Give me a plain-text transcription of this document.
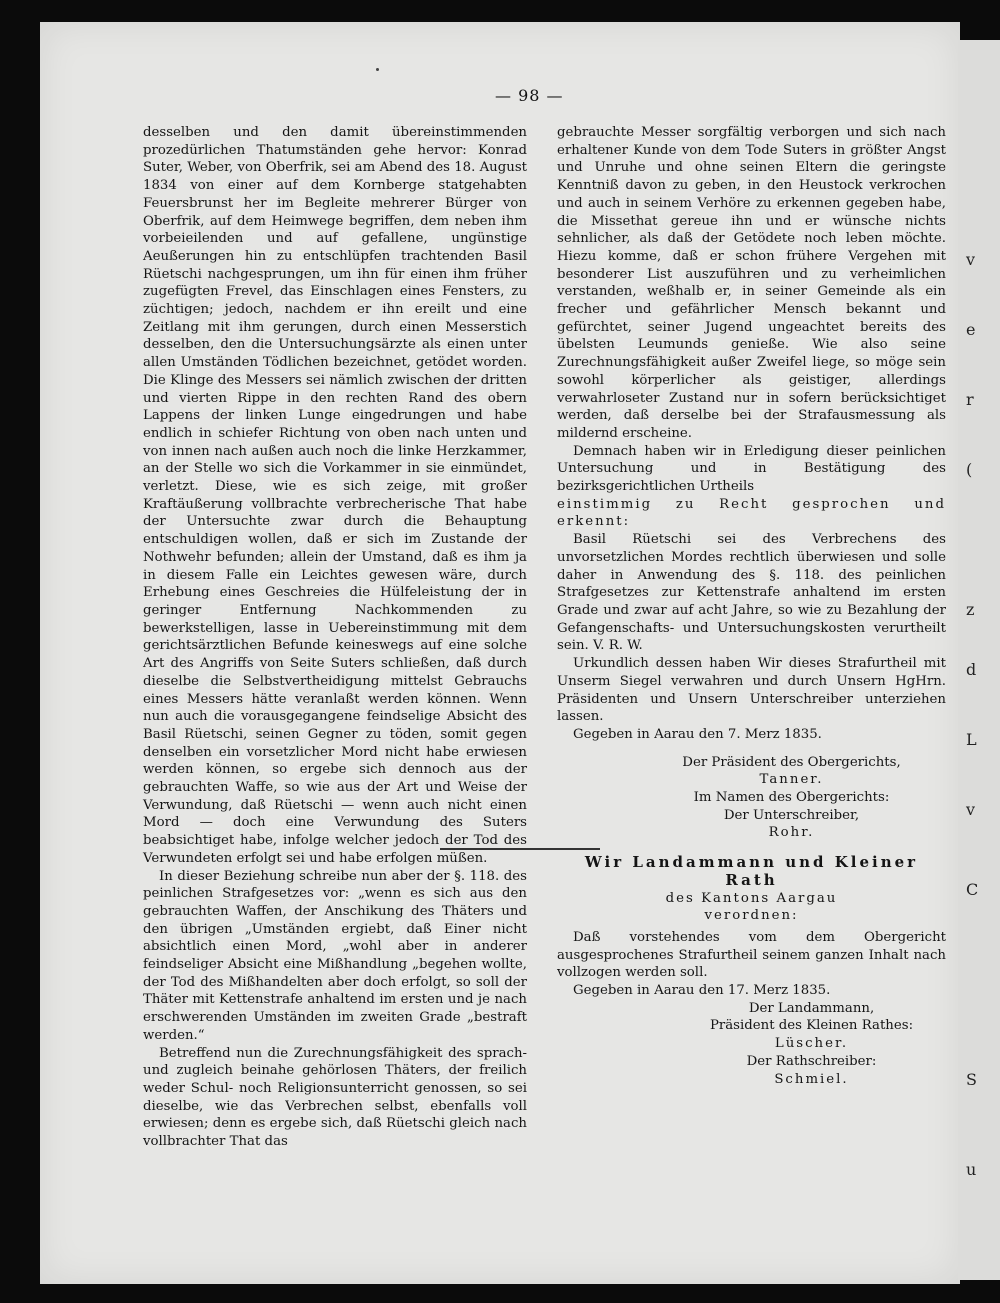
v
e
r
(
z
d
L
v
C
S
u
— 98 —

desselben und den damit übereinstimmenden prozedürlichen Thatumständen gehe hervor: Konrad Suter, Weber, von Oberfrik, sei am Abend des 18. August 1834 von einer auf dem Kornberge statgehabten Feuersbrunst her im Begleite mehrerer Bürger von Oberfrik, auf dem Heimwege begriffen, dem neben ihm vorbeieilenden und auf gefallene, ungünstige Aeußerungen hin zu entschlüpfen trachtenden Basil Rüetschi nachgesprungen, um ihn für einen ihm früher zugefügten Frevel, das Einschlagen eines Fensters, zu züchtigen; jedoch, nachdem er ihn ereilt und eine Zeitlang mit ihm gerungen, durch einen Messerstich desselben, den die Untersuchungsärzte als einen unter allen Umständen Tödlichen bezeichnet, getödet worden. Die Klinge des Messers sei nämlich zwischen der dritten und vierten Rippe in den rechten Rand des obern Lappens der linken Lunge eingedrungen und habe endlich in schiefer Richtung von oben nach unten und von innen nach außen auch noch die linke Herzkammer, an der Stelle wo sich die Vorkammer in sie einmündet, verletzt. Diese, wie es sich zeige, mit großer Kraftäußerung vollbrachte verbrecherische That habe der Untersuchte zwar durch die Behauptung entschuldigen wollen, daß er sich im Zustande der Nothwehr befunden; allein der Umstand, daß es ihm ja in diesem Falle ein Leichtes gewesen wäre, durch Erhebung eines Geschreies die Hülfeleistung der in geringer Entfernung Nachkommenden zu bewerkstelligen, lasse in Uebereinstimmung mit dem gerichtsärztlichen Befunde keineswegs auf eine solche Art des Angriffs von Seite Suters schließen, daß durch dieselbe die Selbstvertheidigung mittelst Gebrauchs eines Messers hätte veranlaßt werden können. Wenn nun auch die vorausgegangene feindselige Absicht des Basil Rüetschi, seinen Gegner zu töden, somit gegen denselben ein vorsetzlicher Mord nicht habe erwiesen werden können, so ergebe sich dennoch aus der gebrauchten Waffe, so wie aus der Art und Weise der Verwundung, daß Rüetschi — wenn auch nicht einen Mord — doch eine Verwundung des Suters beabsichtiget habe, infolge welcher jedoch der Tod des Verwundeten erfolgt sei und habe erfolgen müßen.

In dieser Beziehung schreibe nun aber der §. 118. des peinlichen Strafgesetzes vor: „wenn es sich aus den gebrauchten Waffen, der Anschikung des Thäters und den übrigen „Umständen ergiebt, daß Einer nicht absichtlich einen Mord, „wohl aber in anderer feindseliger Absicht eine Mißhandlung „begehen wollte, der Tod des Mißhandelten aber doch erfolgt, so soll der Thäter mit Kettenstrafe anhaltend im ersten und je nach erschwerenden Umständen im zweiten Grade „bestraft werden.“

Betreffend nun die Zurechnungsfähigkeit des sprach- und zugleich beinahe gehörlosen Thäters, der freilich weder Schul- noch Religionsunterricht genossen, so sei dieselbe, wie das Verbrechen selbst, ebenfalls voll erwiesen; denn es ergebe sich, daß Rüetschi gleich nach vollbrachter That das

gebrauchte Messer sorgfältig verborgen und sich nach erhaltener Kunde von dem Tode Suters in größter Angst und Unruhe und ohne seinen Eltern die geringste Kenntniß davon zu geben, in den Heustock verkrochen und auch in seinem Verhöre zu erkennen gegeben habe, die Missethat gereue ihn und er wünsche nichts sehnlicher, als daß der Getödete noch leben möchte. Hiezu komme, daß er schon frühere Vergehen mit besonderer List auszuführen und zu verheimlichen verstanden, weßhalb er, in seiner Gemeinde als ein frecher und gefährlicher Mensch bekannt und gefürchtet, seiner Jugend ungeachtet bereits des übelsten Leumunds genieße. Wie also seine Zurechnungsfähigkeit außer Zweifel liege, so möge sein sowohl körperlicher als geistiger, allerdings verwahrloseter Zustand nur in sofern berücksichtiget werden, daß derselbe bei der Strafausmessung als mildernd erscheine.

Demnach haben wir in Erledigung dieser peinlichen Untersuchung und in Bestätigung des bezirksgerichtlichen Urtheils

einstimmig zu Recht gesprochen und erkennt:

Basil Rüetschi sei des Verbrechens des unvorsetzlichen Mordes rechtlich überwiesen und solle daher in Anwendung des §. 118. des peinlichen Strafgesetzes zur Kettenstrafe anhaltend im ersten Grade und zwar auf acht Jahre, so wie zu Bezahlung der Gefangenschafts- und Untersuchungskosten verurtheilt sein. V. R. W.

Urkundlich dessen haben Wir dieses Strafurtheil mit Unserm Siegel verwahren und durch Unsern HgHrn. Präsidenten und Unsern Unterschreiber unterziehen lassen.

Gegeben in Aarau den 7. Merz 1835.

Der Präsident des Obergerichts,

Tanner.

Im Namen des Obergerichts:

Der Unterschreiber,

Rohr.

Wir Landammann und Kleiner Rath

des Kantons Aargau

verordnen:

Daß vorstehendes vom dem Obergericht ausgesprochenes Strafurtheil seinem ganzen Inhalt nach vollzogen werden soll.

Gegeben in Aarau den 17. Merz 1835.

Der Landammann,

Präsident des Kleinen Rathes:

Lüscher.

Der Rathschreiber:

Schmiel.
